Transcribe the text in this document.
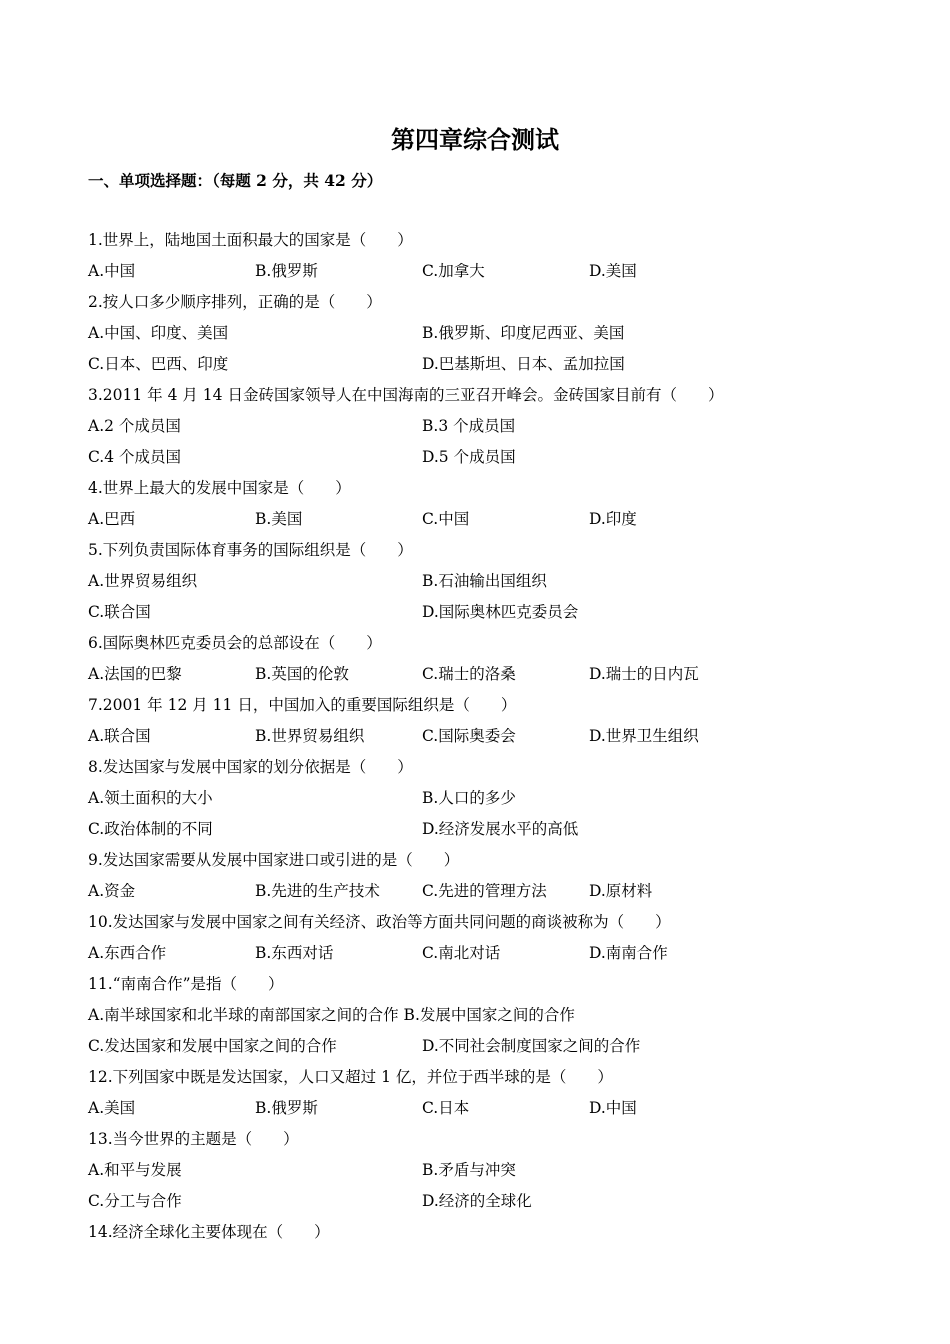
第四章综合测试
一、单项选择题：（每题 2 分，共 42 分）
1.世界上，陆地国土面积最大的国家是（　　）
A.中国	B.俄罗斯	C.加拿大	D.美国
2.按人口多少顺序排列，正确的是（　　）
A.中国、印度、美国	B.俄罗斯、印度尼西亚、美国
C.日本、巴西、印度	D.巴基斯坦、日本、孟加拉国
3.2011 年 4 月 14 日金砖国家领导人在中国海南的三亚召开峰会。金砖国家目前有（　　）
A.2 个成员国	B.3 个成员国
C.4 个成员国	D.5 个成员国
4.世界上最大的发展中国家是（　　）
A.巴西	B.美国	C.中国	D.印度
5.下列负责国际体育事务的国际组织是（　　）
A.世界贸易组织	B.石油输出国组织
C.联合国	D.国际奥林匹克委员会
6.国际奥林匹克委员会的总部设在（　　）
A.法国的巴黎	B.英国的伦敦	C.瑞士的洛桑	D.瑞士的日内瓦
7.2001 年 12 月 11 日，中国加入的重要国际组织是（　　）
A.联合国	B.世界贸易组织	C.国际奥委会	D.世界卫生组织
8.发达国家与发展中国家的划分依据是（　　）
A.领土面积的大小	B.人口的多少
C.政治体制的不同	D.经济发展水平的高低
9.发达国家需要从发展中国家进口或引进的是（　　）
A.资金	B.先进的生产技术	C.先进的管理方法	D.原材料
10.发达国家与发展中国家之间有关经济、政治等方面共同问题的商谈被称为（　　）
A.东西合作	B.东西对话	C.南北对话	D.南南合作
11.“南南合作”是指（　　）
A.南半球国家和北半球的南部国家之间的合作 B.发展中国家之间的合作
C.发达国家和发展中国家之间的合作	D.不同社会制度国家之间的合作
12.下列国家中既是发达国家，人口又超过 1 亿，并位于西半球的是（　　）
A.美国	B.俄罗斯	C.日本	D.中国
13.当今世界的主题是（　　）
A.和平与发展	B.矛盾与冲突
C.分工与合作	D.经济的全球化
14.经济全球化主要体现在（　　）
